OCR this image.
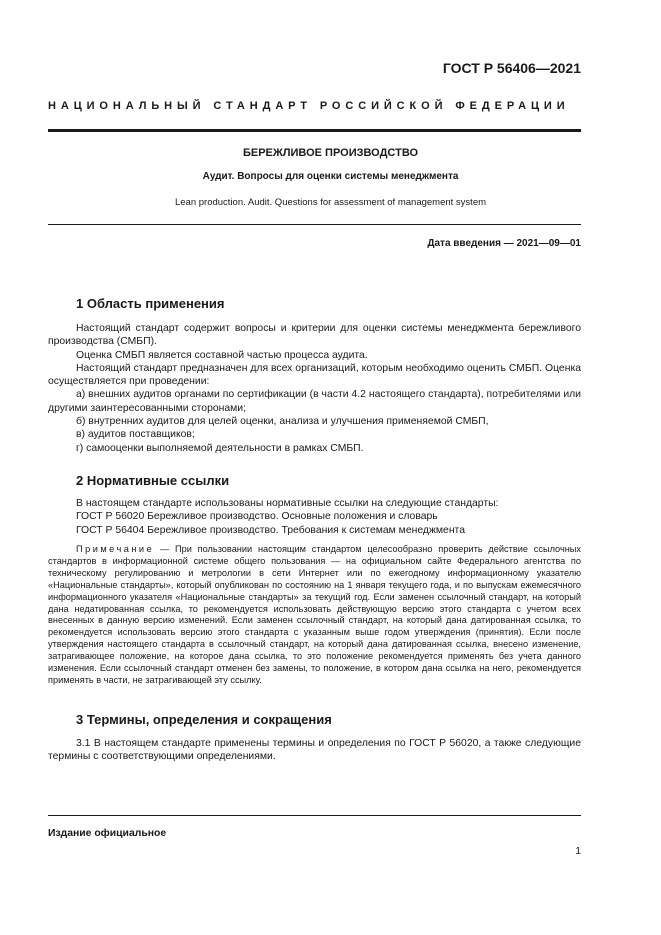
ГОСТ Р 56406—2021
НАЦИОНАЛЬНЫЙ СТАНДАРТ РОССИЙСКОЙ ФЕДЕРАЦИИ
БЕРЕЖЛИВОЕ ПРОИЗВОДСТВО
Аудит. Вопросы для оценки системы менеджмента
Lean production. Audit. Questions for assessment of management system
Дата введения — 2021—09—01
1 Область применения

Настоящий стандарт содержит вопросы и критерии для оценки системы менеджмента бережливого производства (СМБП).

Оценка СМБП является составной частью процесса аудита.

Настоящий стандарт предназначен для всех организаций, которым необходимо оценить СМБП. Оценка осуществляется при проведении:

а) внешних аудитов органами по сертификации (в части 4.2 настоящего стандарта), потребителями или другими заинтересованными сторонами;

б) внутренних аудитов для целей оценки, анализа и улучшения применяемой СМБП,

в) аудитов поставщиков;

г) самооценки выполняемой деятельности в рамках СМБП.

2 Нормативные ссылки

В настоящем стандарте использованы нормативные ссылки на следующие стандарты:

ГОСТ Р 56020 Бережливое производство. Основные положения и словарь

ГОСТ Р 56404 Бережливое производство. Требования к системам менеджмента

Примечание — При пользовании настоящим стандартом целесообразно проверить действие ссылочных стандартов в информационной системе общего пользования — на официальном сайте Федерального агентства по техническому регулированию и метрологии в сети Интернет или по ежегодному информационному указателю «Национальные стандарты», который опубликован по состоянию на 1 января текущего года, и по выпускам ежемесячного информационного указателя «Национальные стандарты» за текущий год. Если заменен ссылочный стандарт, на который дана недатированная ссылка, то рекомендуется использовать действующую версию этого стандарта с учетом всех внесенных в данную версию изменений. Если заменен ссылочный стандарт, на который дана датированная ссылка, то рекомендуется использовать версию этого стандарта с указанным выше годом утверждения (принятия). Если после утверждения настоящего стандарта в ссылочный стандарт, на который дана датированная ссылка, внесено изменение, затрагивающее положение, на которое дана ссылка, то это положение рекомендуется применять без учета данного изменения. Если ссылочный стандарт отменен без замены, то положение, в котором дана ссылка на него, рекомендуется применять в части, не затрагивающей эту ссылку.

3 Термины, определения и сокращения

3.1 В настоящем стандарте применены термины и определения по ГОСТ Р 56020, а также следующие термины с соответствующими определениями.

Издание официальное
1
